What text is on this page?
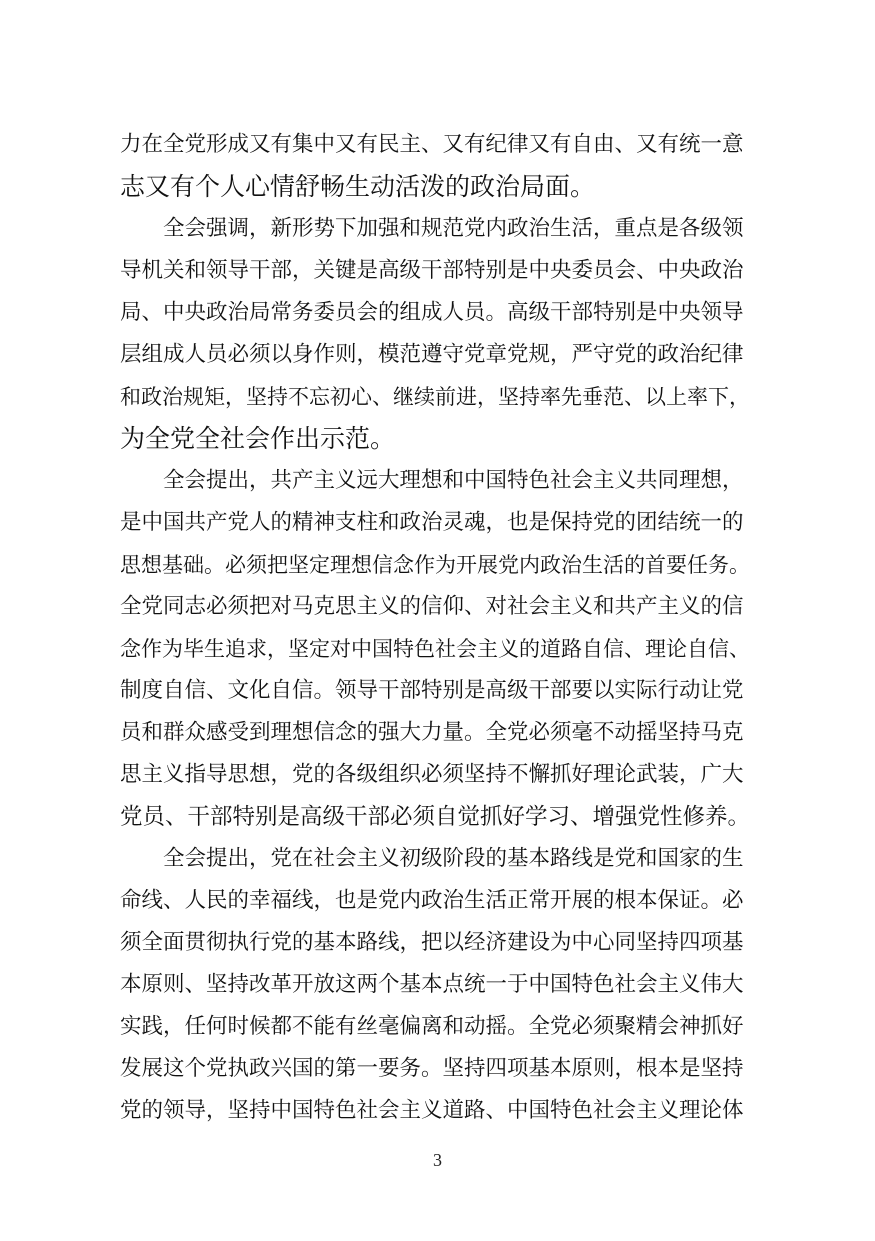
力在全党形成又有集中又有民主、又有纪律又有自由、又有统一意
志又有个人心情舒畅生动活泼的政治局面。
全会强调，新形势下加强和规范党内政治生活，重点是各级领
导机关和领导干部，关键是高级干部特别是中央委员会、中央政治
局、中央政治局常务委员会的组成人员。高级干部特别是中央领导
层组成人员必须以身作则，模范遵守党章党规，严守党的政治纪律
和政治规矩，坚持不忘初心、继续前进，坚持率先垂范、以上率下，
为全党全社会作出示范。
全会提出，共产主义远大理想和中国特色社会主义共同理想，
是中国共产党人的精神支柱和政治灵魂，也是保持党的团结统一的
思想基础。必须把坚定理想信念作为开展党内政治生活的首要任务。
全党同志必须把对马克思主义的信仰、对社会主义和共产主义的信
念作为毕生追求，坚定对中国特色社会主义的道路自信、理论自信、
制度自信、文化自信。领导干部特别是高级干部要以实际行动让党
员和群众感受到理想信念的强大力量。全党必须毫不动摇坚持马克
思主义指导思想，党的各级组织必须坚持不懈抓好理论武装，广大
党员、干部特别是高级干部必须自觉抓好学习、增强党性修养。
全会提出，党在社会主义初级阶段的基本路线是党和国家的生
命线、人民的幸福线，也是党内政治生活正常开展的根本保证。必
须全面贯彻执行党的基本路线，把以经济建设为中心同坚持四项基
本原则、坚持改革开放这两个基本点统一于中国特色社会主义伟大
实践，任何时候都不能有丝毫偏离和动摇。全党必须聚精会神抓好
发展这个党执政兴国的第一要务。坚持四项基本原则，根本是坚持
党的领导，坚持中国特色社会主义道路、中国特色社会主义理论体
3
